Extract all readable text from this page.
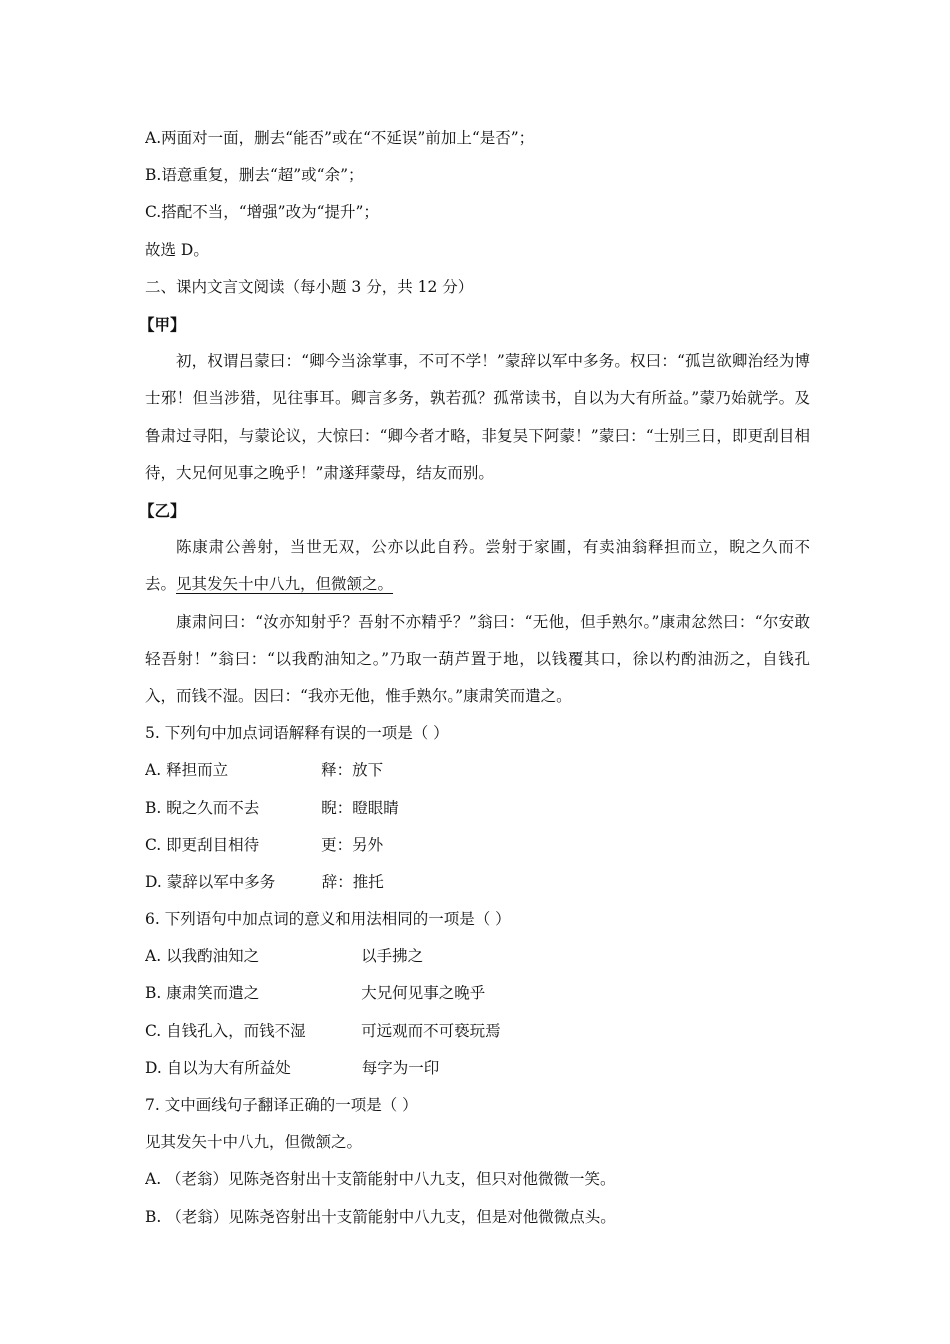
A.两面对一面，删去“能否”或在“不延误”前加上“是否”；
B.语意重复，删去“超”或“余”；
C.搭配不当，“增强”改为“提升”；
故选 D。
二、课内文言文阅读（每小题 3 分，共 12 分）
【甲】
初，权谓吕蒙曰：“卿今当涂掌事，不可不学！”蒙辞以军中多务。权曰：“孤岂欲卿治经为博士邪！但当涉猎，见往事耳。卿言多务，孰若孤？孤常读书，自以为大有所益。”蒙乃始就学。及鲁肃过寻阳，与蒙论议，大惊曰：“卿今者才略，非复吴下阿蒙！”蒙曰：“士别三日，即更刮目相待，大兄何见事之晚乎！”肃遂拜蒙母，结友而别。
【乙】
陈康肃公善射，当世无双，公亦以此自矜。尝射于家圃，有卖油翁释担而立，睨之久而不去。见其发矢十中八九，但微颔之。
康肃问曰：“汝亦知射乎？吾射不亦精乎？”翁曰：“无他，但手熟尔。”康肃忿然曰：“尔安敢轻吾射！”翁曰：“以我酌油知之。”乃取一葫芦置于地，以钱覆其口，徐以杓酌油沥之，自钱孔入，而钱不湿。因曰：“我亦无他，惟手熟尔。”康肃笑而遣之。
5. 下列句中加点词语解释有误的一项是（ ）
A. 释担而立	释：放下
B. 睨之久而不去	睨：瞪眼睛
C. 即更刮目相待	更：另外
D. 蒙辞以军中多务	辞：推托
6. 下列语句中加点词的意义和用法相同的一项是（ ）
A. 以我酌油知之	以手拂之
B. 康肃笑而遣之	大兄何见事之晚乎
C. 自钱孔入，而钱不湿	可远观而不可亵玩焉
D. 自以为大有所益处	每字为一印
7. 文中画线句子翻译正确的一项是（ ）
见其发矢十中八九，但微颔之。
A. （老翁）见陈尧咨射出十支箭能射中八九支，但只对他微微一笑。
B. （老翁）见陈尧咨射出十支箭能射中八九支，但是对他微微点头。
